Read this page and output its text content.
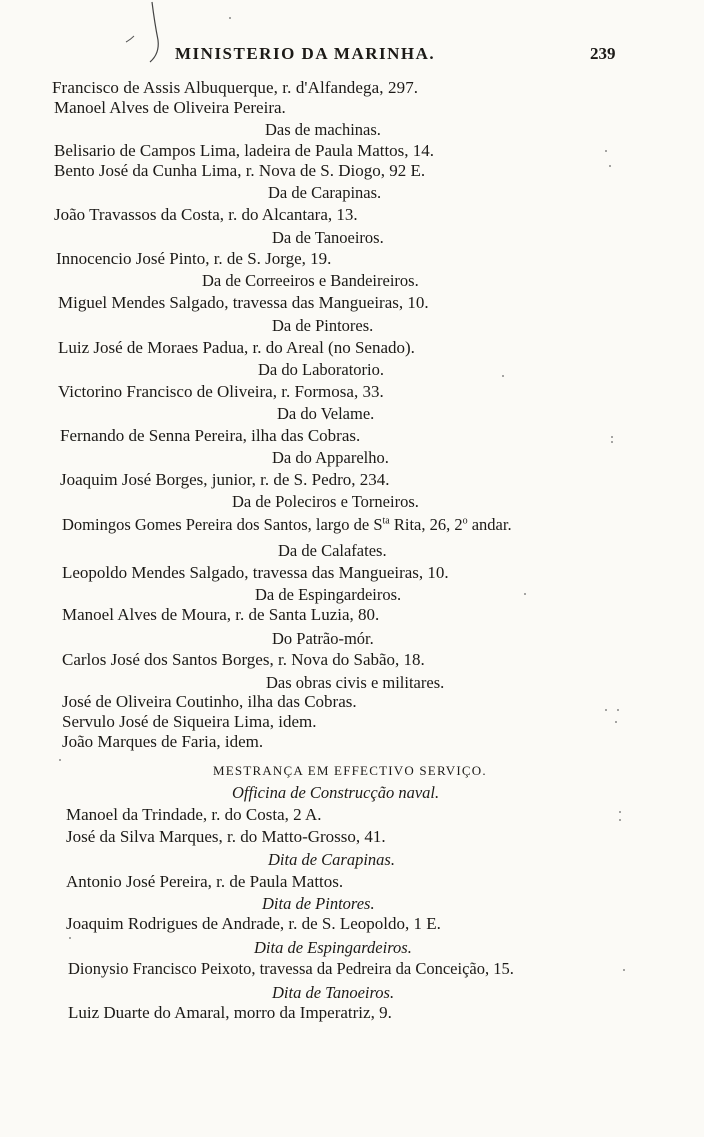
MINISTERIO DA MARINHA.	239
Francisco de Assis Albuquerque, r. d'Alfandega, 297.
Manoel Alves de Oliveira Pereira.
Das de machinas.
Belisario de Campos Lima, ladeira de Paula Mattos, 14.
Bento José da Cunha Lima, r. Nova de S. Diogo, 92 E.
Da de Carapinas.
João Travassos da Costa, r. do Alcantara, 13.
Da de Tanoeiros.
Innocencio José Pinto, r. de S. Jorge, 19.
Da de Correeiros e Bandeireiros.
Miguel Mendes Salgado, travessa das Mangueiras, 10.
Da de Pintores.
Luiz José de Moraes Padua, r. do Areal (no Senado).
Da do Laboratorio.
Victorino Francisco de Oliveira, r. Formosa, 33.
Da do Velame.
Fernando de Senna Pereira, ilha das Cobras.
Da do Apparelho.
Joaquim José Borges, junior, r. de S. Pedro, 234.
Da de Poleciros e Torneiros.
Domingos Gomes Pereira dos Santos, largo de $S^{ta}$ Rita, 26, 2$^o$ andar.
Da de Calafates.
Leopoldo Mendes Salgado, travessa das Mangueiras, 10.
Da de Espingardeiros.
Manoel Alves de Moura, r. de Santa Luzia, 80.
Do Patrão-mór.
Carlos José dos Santos Borges, r. Nova do Sabão, 18.
Das obras civis e militares.
José de Oliveira Coutinho, ilha das Cobras.
Servulo José de Siqueira Lima, idem.
João Marques de Faria, idem.
MESTRANÇA EM EFFECTIVO SERVIÇO.
Officina de Construcção naval.
Manoel da Trindade, r. do Costa, 2 A.
José da Silva Marques, r. do Matto-Grosso, 41.
Dita de Carapinas.
Antonio José Pereira, r. de Paula Mattos.
Dita de Pintores.
Joaquim Rodrigues de Andrade, r. de S. Leopoldo, 1 E.
Dita de Espingardeiros.
Dionysio Francisco Peixoto, travessa da Pedreira da Conceição, 15.
Dita de Tanoeiros.
Luiz Duarte do Amaral, morro da Imperatriz, 9.
